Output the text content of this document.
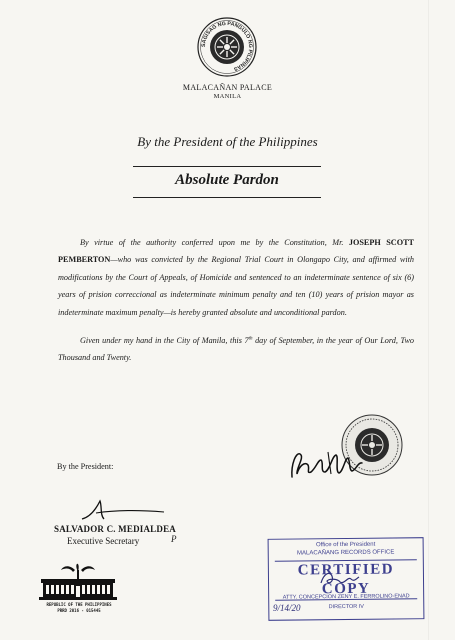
SAGISAG NG PANGULO NG PILIPINAS
MALACAÑAN PALACE
MANILA
By the President of the Philippines
Absolute Pardon

By virtue of the authority conferred upon me by the Constitution, Mr. JOSEPH SCOTT PEMBERTON—who was convicted by the Regional Trial Court in Olongapo City, and affirmed with modifications by the Court of Appeals, of Homicide and sentenced to an indeterminate sentence of six (6) years of prision correccional as indeterminate minimum penalty and ten (10) years of prision mayor as indeterminate maximum penalty—is hereby granted absolute and unconditional pardon.

Given under my hand in the City of Manila, this 7th day of September, in the year of Our Lord, Two Thousand and Twenty.

By the President:
SALVADOR C. MEDIALDEA
Executive Secretary	P
REPUBLIC OF THE PHILIPPINES
PRRD 2016 - 015445
Office of the President
MALACAÑANG RECORDS OFFICE
CERTIFIED COPY
ATTY. CONCEPCION ZENY E. FERROLINO-ENAD
DIRECTOR IV
9/14/20
